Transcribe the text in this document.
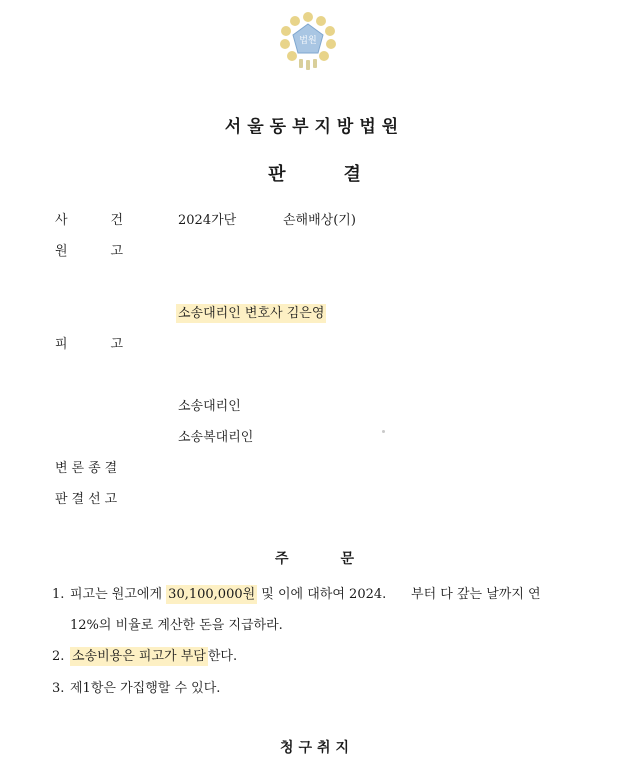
법원
서울동부지방법원
판결
사	건	2024가단	손해배상(기)
원	고
소송대리인 변호사 김은영
피	고
소송대리인
소송복대리인
변론종결
판결선고
주문
1. 피고는 원고에게 30,100,000원 및 이에 대하여 2024.      부터 다 갚는 날까지 연
12%의 비율로 계산한 돈을 지급하라.
2. 소송비용은 피고가 부담 한다.
3. 제1항은 가집행할 수 있다.
청구취지
